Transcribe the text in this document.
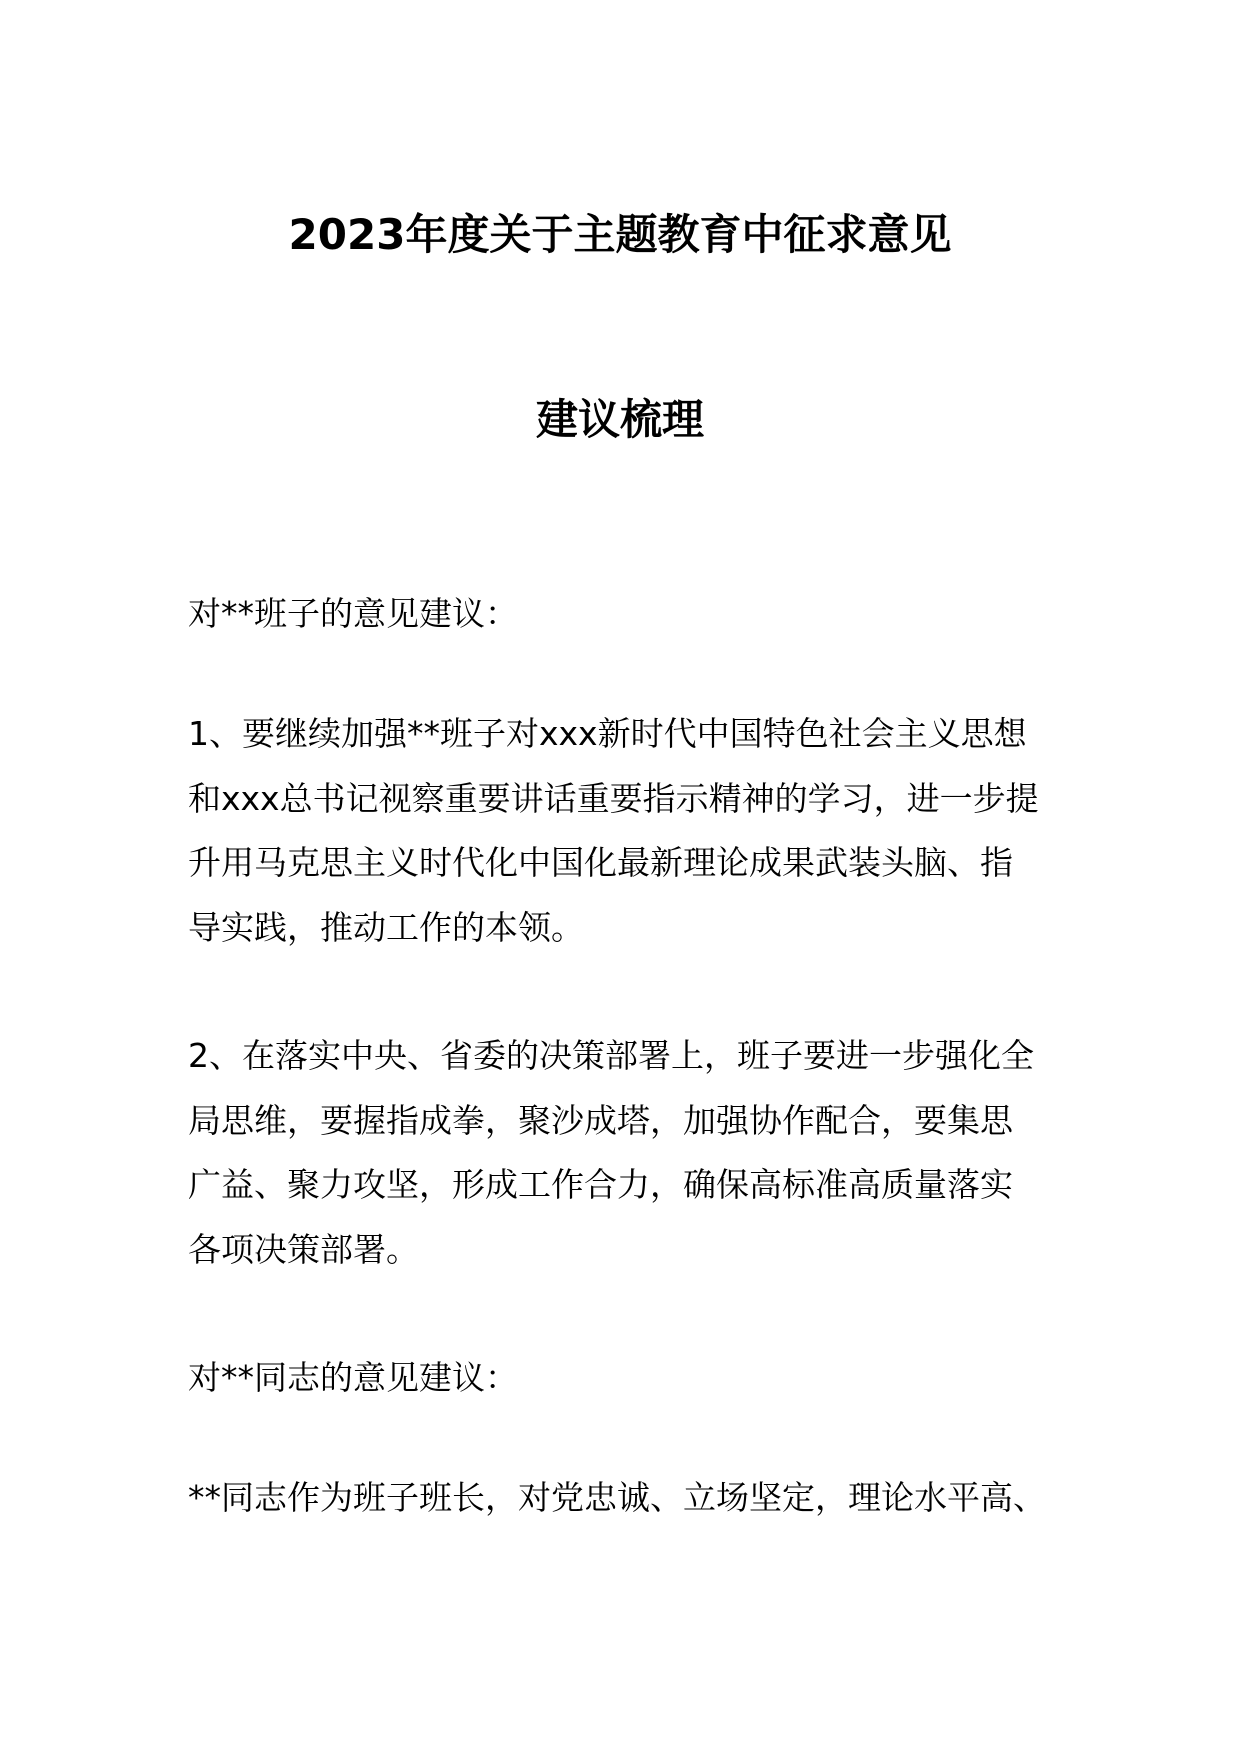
2023年度关于主题教育中征求意见
建议梳理

对**班子的意见建议：

1、要继续加强**班子对xxx新时代中国特色社会主义思想
和xxx总书记视察重要讲话重要指示精神的学习，进一步提
升用马克思主义时代化中国化最新理论成果武装头脑、指
导实践，推动工作的本领。

2、在落实中央、省委的决策部署上，班子要进一步强化全
局思维，要握指成拳，聚沙成塔，加强协作配合，要集思
广益、聚力攻坚，形成工作合力，确保高标准高质量落实
各项决策部署。

对**同志的意见建议：

**同志作为班子班长，对党忠诚、立场坚定，理论水平高、
